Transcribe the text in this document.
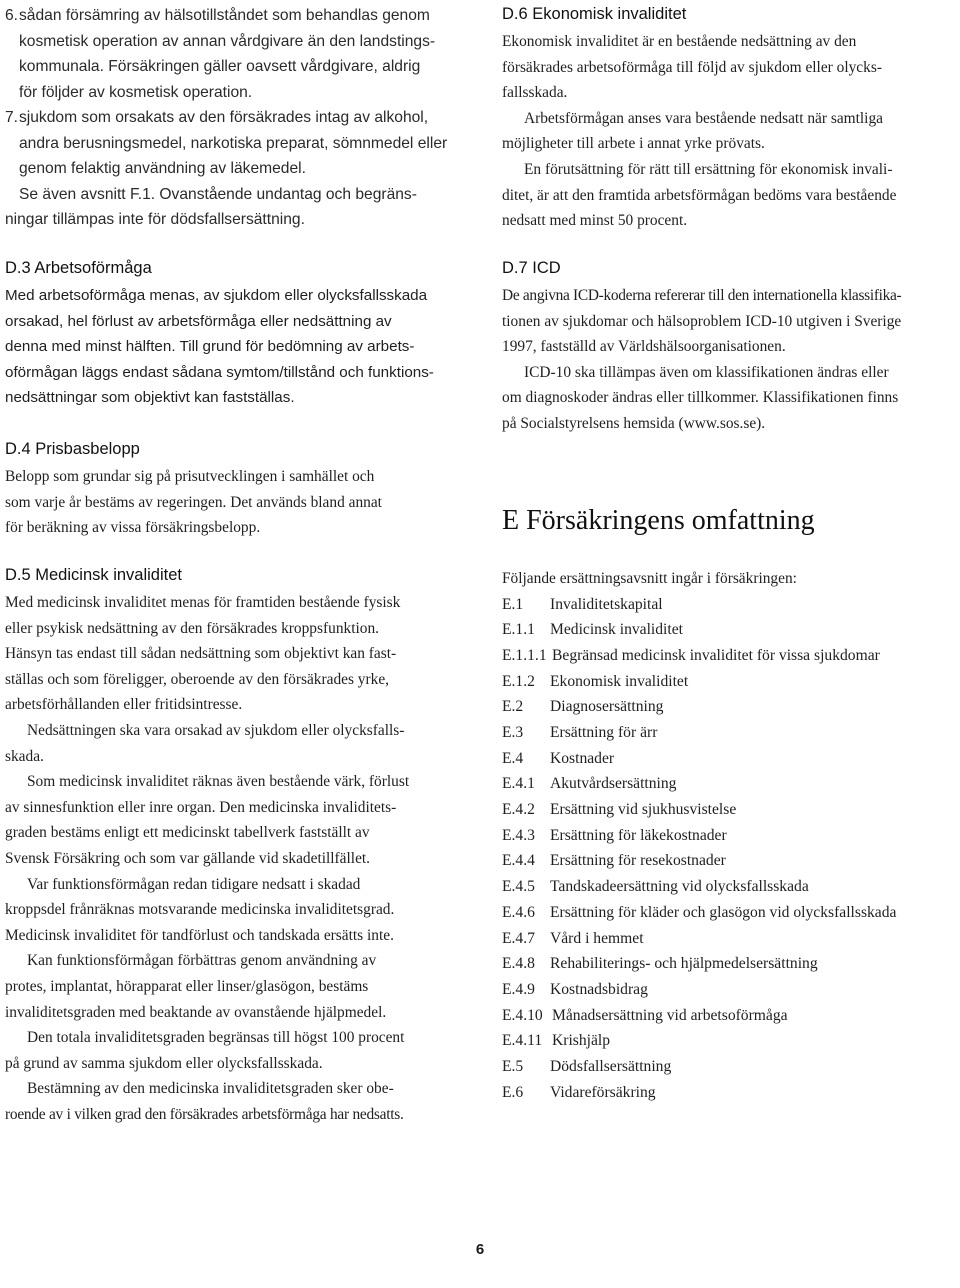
6. sådan försämring av hälsotillståndet som behandlas genom

kosmetisk operation av annan vårdgivare än den landstings-

kommunala. Försäkringen gäller oavsett vårdgivare, aldrig

för följder av kosmetisk operation.

7. sjukdom som orsakats av den försäkrades intag av alkohol,

andra berusningsmedel, narkotiska preparat, sömnmedel eller

genom felaktig användning av läkemedel.

Se även avsnitt F.1. Ovanstående undantag och begräns-

ningar tillämpas inte för dödsfallsersättning.

D.3 Arbetsoförmåga

Med arbetsoförmåga menas, av sjukdom eller olycksfallsskada

orsakad, hel förlust av arbetsförmåga eller nedsättning av

denna med minst hälften. Till grund för bedömning av arbets-

oförmågan läggs endast sådana symtom/tillstånd och funktions-

nedsättningar som objektivt kan fastställas.

D.4 Prisbasbelopp

Belopp som grundar sig på prisutvecklingen i samhället och

som varje år bestäms av regeringen. Det används bland annat

för beräkning av vissa försäkringsbelopp.

D.5 Medicinsk invaliditet

Med medicinsk invaliditet menas för framtiden bestående fysisk

eller psykisk nedsättning av den försäkrades kroppsfunktion.

Hänsyn tas endast till sådan nedsättning som objektivt kan fast-

ställas och som föreligger, oberoende av den försäkrades yrke,

arbetsförhållanden eller fritidsintresse.

Nedsättningen ska vara orsakad av sjukdom eller olycksfalls-

skada.

Som medicinsk invaliditet räknas även bestående värk, förlust

av sinnesfunktion eller inre organ. Den medicinska invaliditets-

graden bestäms enligt ett medicinskt tabellverk fastställt av

Svensk Försäkring och som var gällande vid skadetillfället.

Var funktionsförmågan redan tidigare nedsatt i skadad

kroppsdel frånräknas motsvarande medicinska invaliditetsgrad.

Medicinsk invaliditet för tandförlust och tandskada ersätts inte.

Kan funktionsförmågan förbättras genom användning av

protes, implantat, hörapparat eller linser/glasögon, bestäms

invaliditetsgraden med beaktande av ovanstående hjälpmedel.

Den totala invaliditetsgraden begränsas till högst 100 procent

på grund av samma sjukdom eller olycksfallsskada.

Bestämning av den medicinska invaliditetsgraden sker obe-

roende av i vilken grad den försäkrades arbetsförmåga har nedsatts.

D.6 Ekonomisk invaliditet

Ekonomisk invaliditet är en bestående nedsättning av den

försäkrades arbetsoförmåga till följd av sjukdom eller olycks-

fallsskada.

Arbetsförmågan anses vara bestående nedsatt när samtliga

möjligheter till arbete i annat yrke prövats.

En förutsättning för rätt till ersättning för ekonomisk invali-

ditet, är att den framtida arbetsförmågan bedöms vara bestående

nedsatt med minst 50 procent.

D.7 ICD

De angivna ICD-koderna refererar till den internationella klassifika-

tionen av sjukdomar och hälsoproblem ICD-10 utgiven i Sverige

1997, fastställd av Världshälsoorganisationen.

ICD-10 ska tillämpas även om klassifikationen ändras eller

om diagnoskoder ändras eller tillkommer. Klassifikationen finns

på Socialstyrelsens hemsida (www.sos.se).

E Försäkringens omfattning

Följande ersättningsavsnitt ingår i försäkringen:

E.1 Invaliditetskapital
E.1.1 Medicinsk invaliditet
E.1.1.1 Begränsad medicinsk invaliditet för vissa sjukdomar
E.1.2 Ekonomisk invaliditet
E.2 Diagnosersättning
E.3 Ersättning för ärr
E.4 Kostnader
E.4.1 Akutvårdsersättning
E.4.2 Ersättning vid sjukhusvistelse
E.4.3 Ersättning för läkekostnader
E.4.4 Ersättning för resekostnader
E.4.5 Tandskadeersättning vid olycksfallsskada
E.4.6 Ersättning för kläder och glasögon vid olycksfallsskada
E.4.7 Vård i hemmet
E.4.8 Rehabiliterings- och hjälpmedelsersättning
E.4.9 Kostnadsbidrag
E.4.10 Månadsersättning vid arbetsoförmåga
E.4.11 Krishjälp
E.5 Dödsfallsersättning
E.6 Vidareförsäkring
6
